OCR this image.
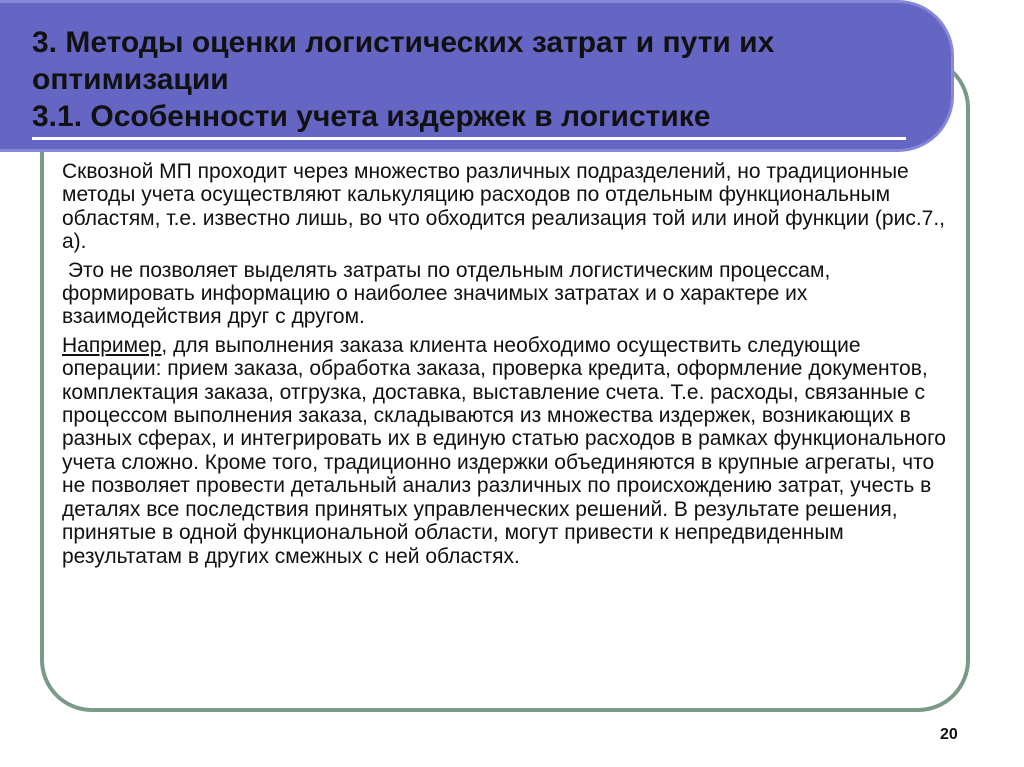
3. Методы оценки логистических затрат и пути их
оптимизации

3.1. Особенности учета издержек в логистике

Сквозной МП проходит через множество различных подразделений, но традиционные методы учета осуществляют калькуляцию расходов по отдельным функциональным областям, т.е. известно лишь, во что обходится реализация той или иной функции (рис.7., а).

Это не позволяет выделять затраты по отдельным логистическим процессам, формировать информацию о наиболее значимых затратах и о характере их взаимодействия друг с другом.

Например, для выполнения заказа клиента необходимо осуществить следующие операции: прием заказа, обработка заказа, проверка кредита, оформление документов, комплектация заказа, отгрузка, доставка, выставление счета. Т.е. расходы, связанные с процессом выполнения заказа, складываются из множества издержек, возникающих в разных сферах, и интегрировать их в единую статью расходов в рамках функционального учета сложно. Кроме того, традиционно издержки объединяются в крупные агрегаты, что не позволяет провести детальный анализ различных по происхождению затрат, учесть в деталях все последствия принятых управленческих решений. В результате решения, принятые в одной функциональной области, могут привести к непредвиденным результатам в других смежных с ней областях.

20
